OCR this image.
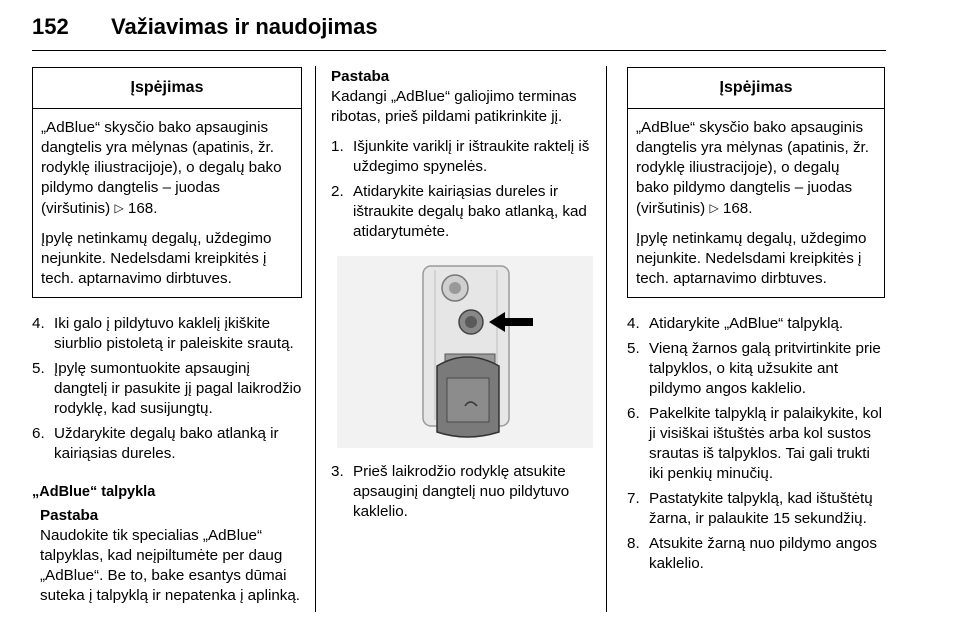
152 Važiavimas ir naudojimas
Įspėjimas

„AdBlue“ skysčio bako apsauginis dangtelis yra mėlynas (apatinis, žr. rodyklę iliustracijoje), o degalų bako pildymo dangtelis – juodas (viršutinis) ▷ 168.

Įpylę netinkamų degalų, uždegimo nejunkite. Nedelsdami kreipkitės į tech. aptarnavimo dirbtuves.

4. Iki galo į pildytuvo kaklelį įkiškite siurblio pistoletą ir paleiskite srautą.
5. Įpylę sumontuokite apsauginį dangtelį ir pasukite jį pagal laikrodžio rodyklę, kad susijungtų.
6. Uždarykite degalų bako atlanką ir kairiąsias dureles.
„AdBlue“ talpykla
Pastaba

Naudokite tik specialias „AdBlue“ talpyklas, kad neįpiltumėte per daug „AdBlue“. Be to, bake esantys dūmai suteka į talpyklą ir nepatenka į aplinką.

Pastaba

Kadangi „AdBlue“ galiojimo terminas ribotas, prieš pildami patikrinkite jį.

1. Išjunkite variklį ir ištraukite raktelį iš uždegimo spynelės.
2. Atidarykite kairiąsias dureles ir ištraukite degalų bako atlanką, kad atidarytumėte.
3. Prieš laikrodžio rodyklę atsukite apsauginį dangtelį nuo pildytuvo kaklelio.
Įspėjimas

„AdBlue“ skysčio bako apsauginis dangtelis yra mėlynas (apatinis, žr. rodyklę iliustracijoje), o degalų bako pildymo dangtelis – juodas (viršutinis) ▷ 168.

Įpylę netinkamų degalų, uždegimo nejunkite. Nedelsdami kreipkitės į tech. aptarnavimo dirbtuves.

4. Atidarykite „AdBlue“ talpyklą.
5. Vieną žarnos galą pritvirtinkite prie talpyklos, o kitą užsukite ant pildymo angos kaklelio.
6. Pakelkite talpyklą ir palaikykite, kol ji visiškai ištuštės arba kol sustos srautas iš talpyklos. Tai gali trukti iki penkių minučių.
7. Pastatykite talpyklą, kad ištuštėtų žarna, ir palaukite 15 sekundžių.
8. Atsukite žarną nuo pildymo angos kaklelio.
